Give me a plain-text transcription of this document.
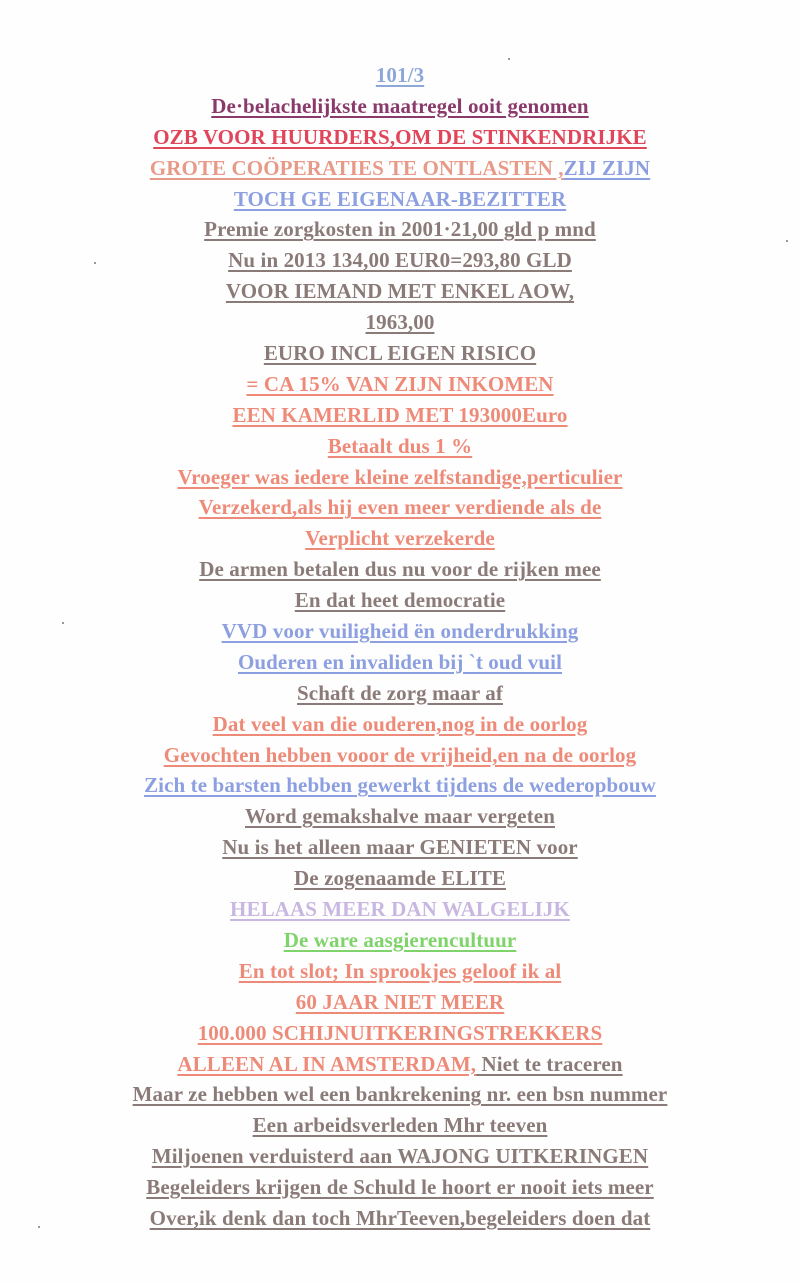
101/3
De·belachelijkste maatregel ooit genomen
OZB VOOR HUURDERS,OM DE STINKENDRIJKE
GROTE COÖPERATIES TE ONTLASTEN ,ZIJ ZIJN
TOCH GE EIGENAAR-BEZITTER
Premie zorgkosten in 2001·21,00 gld p mnd
Nu in 2013 134,00 EUR0=293,80 GLD
VOOR IEMAND MET ENKEL AOW,
1963,00
EURO INCL EIGEN RISICO
= CA 15% VAN ZIJN INKOMEN
EEN KAMERLID MET 193000Euro
Betaalt dus 1 %
Vroeger was iedere kleine zelfstandige,perticulier
Verzekerd,als hij even meer verdiende als de
Verplicht verzekerde
De armen betalen dus nu voor de rijken mee
En dat heet democratie
VVD voor vuiligheid ën onderdrukking
Ouderen en invaliden bij `t oud vuil
Schaft de zorg maar af
Dat veel van die ouderen,nog in de oorlog
Gevochten hebben vooor de vrijheid,en na de oorlog
Zich te barsten hebben gewerkt tijdens de wederopbouw
Word gemakshalve maar vergeten
Nu is het alleen maar GENIETEN voor
De zogenaamde ELITE
HELAAS MEER DAN WALGELIJK
De ware aasgierencultuur
En tot slot; In sprookjes geloof ik al
60 JAAR NIET MEER
100.000 SCHIJNUITKERINGSTREKKERS
ALLEEN AL IN AMSTERDAM, Niet te traceren
Maar ze hebben wel een bankrekening nr. een bsn nummer
Een arbeidsverleden Mhr teeven
Miljoenen verduisterd aan WAJONG UITKERINGEN
Begeleiders krijgen de Schuld le hoort er nooit iets meer
Over,ik denk dan toch MhrTeeven,begeleiders doen dat
